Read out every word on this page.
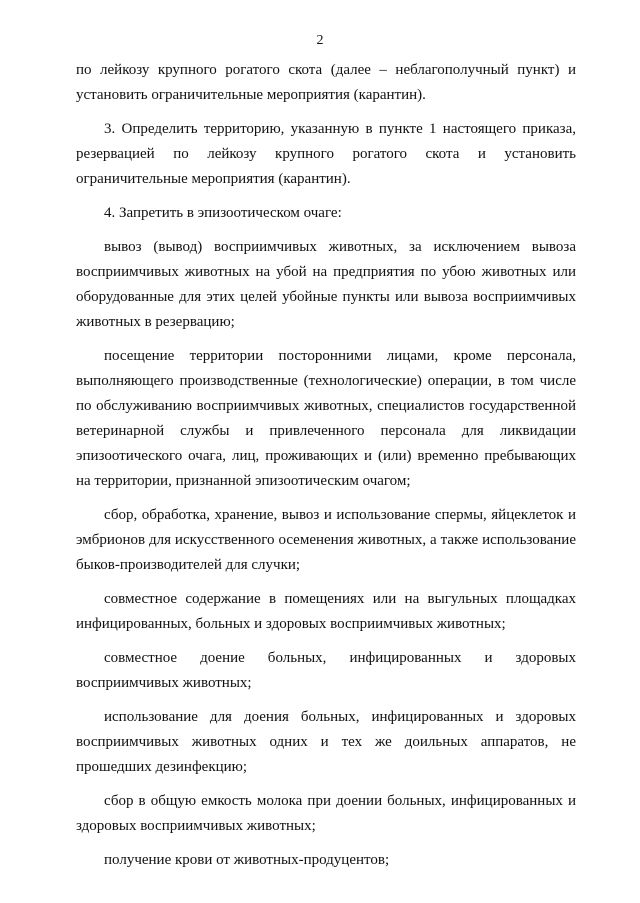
2

по лейкозу крупного рогатого скота (далее – неблагополучный пункт) и установить ограничительные мероприятия (карантин).

3. Определить территорию, указанную в пункте 1 настоящего приказа, резервацией по лейкозу крупного рогатого скота и установить ограничительные мероприятия (карантин).

4. Запретить в эпизоотическом очаге:

вывоз (вывод) восприимчивых животных, за исключением вывоза восприимчивых животных на убой на предприятия по убою животных или оборудованные для этих целей убойные пункты или вывоза восприимчивых животных в резервацию;

посещение территории посторонними лицами, кроме персонала, выполняющего производственные (технологические) операции, в том числе по обслуживанию восприимчивых животных, специалистов государственной ветеринарной службы и привлеченного персонала для ликвидации эпизоотического очага, лиц, проживающих и (или) временно пребывающих на территории, признанной эпизоотическим очагом;

сбор, обработка, хранение, вывоз и использование спермы, яйцеклеток и эмбрионов для искусственного осеменения животных, а также использование быков-производителей для случки;

совместное содержание в помещениях или на выгульных площадках инфицированных, больных и здоровых восприимчивых животных;

совместное доение больных, инфицированных и здоровых восприимчивых животных;

использование для доения больных, инфицированных и здоровых восприимчивых животных одних и тех же доильных аппаратов, не прошедших дезинфекцию;

сбор в общую емкость молока при доении больных, инфицированных и здоровых восприимчивых животных;

получение крови от животных-продуцентов;
